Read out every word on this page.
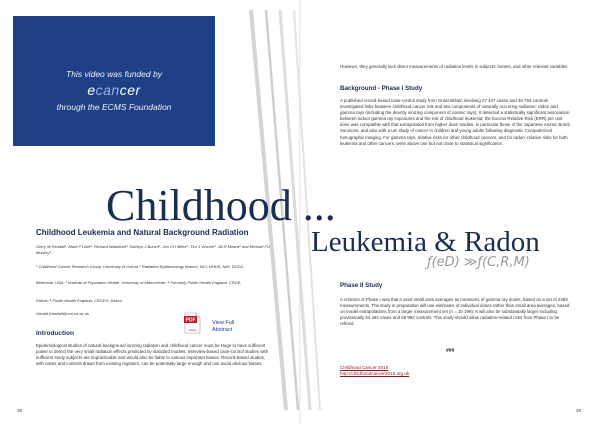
This video was funded by
ecancer
through the ECMS Foundation
Childhood ...
Childhood Leukemia and Natural Background Radiation
Gerry M Kendall¹, Mark P Little², Richard Wakeford³, Kathryn J Bunch¹, Jon CH Miles⁴, Tim J Vincent¹, Jill R Meara⁴ and Michael FG Murphy¹
¹ Childhood Cancer Research Group, University of Oxford ² Radiation Epidemiology Branch, NCI, DHHS, NIH, DCEG,
Bethesda, USA; ³ Institute of Population Health, University of Manchester; ⁴ Formerly Public Health England, CRCE,
Didcot; ⁴ Public Health England, CRCEH, Didcot
Gerald.Kendall@ceu.ox.ac.uk
PDF
Adobe
View Full Abstract
Introduction
Epidemiological studies of natural background ionizing radiation and childhood cancer must be Huge to have sufficient power to detect the very small radiation effects predicted by standard models. Interview-based case-control studies with sufficient study subjects are impracticable and would also be liable to various important biases. Record-based studies, with cases and controls drawn from existing registers, can be potentially large enough and can avoid obvious biases.
38
However, they generally lack direct measurements of radiation levels in subjects' homes, and other relevant variables.
Background - Phase I Study
A published record-based case-control study from Great Britain involving 27 447 cases and 36 793 controls investigated links between childhood cancer risk and two components of naturally occurring radiation: radon and gamma rays (including the directly ionizing component of cosmic rays). It detected a statistically significant association between indoor gamma ray exposures and the risk of childhood leukemia; the Excess Relative Risk (ERR) per unit dose was compatible with that extrapolated from higher dose studies, in particular those of the Japanese Atomic Bomb Survivors, and also with a UK study of cancer in children and young adults following diagnostic Computerized tomographic imaging. For gamma rays, relative risks for other childhood cancers, and for radon, relative risks for both leukemia and other cancers, were above one but not close to statistical significance.
Leukemia & Radon
ƒ(eD) ≫ƒ(C,R,M)
Phase II Study
A criticism of Phase I was that it used small area averages as measures of gamma ray doses, based on a set of 2283 measurements. The study in preparation will use estimates of individual doses rather than small area averages, based on model extrapolations from a larger measurement set (n = 10 199). It will also be substantially larger including provisionally 54 462 cases and 69 992 controls. This study should allow radiation-related risks from Phase I to be refined.
###
Childhood Cancer 2016
http://childhoodcancer2016.org.uk
39
